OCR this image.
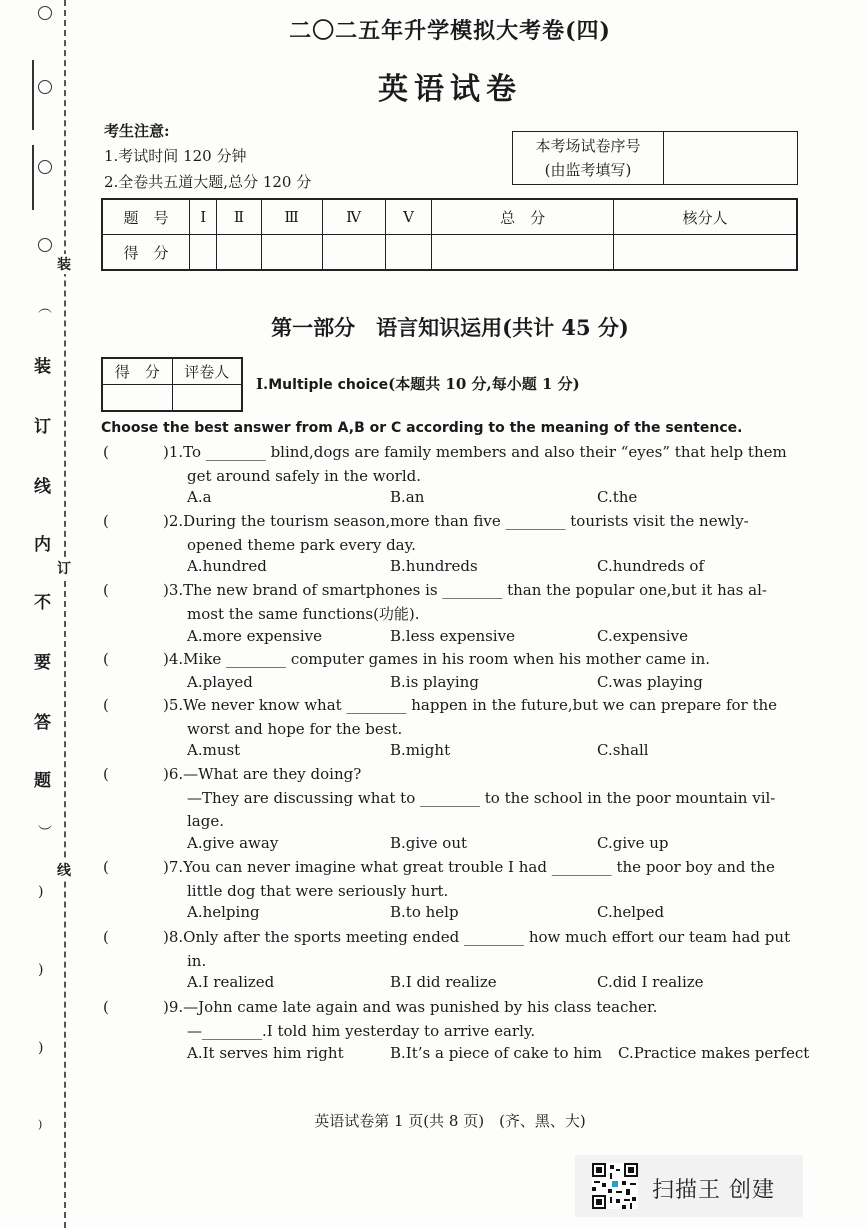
︵
装
订
线
内
不
要
答
题
︶
装
订
线
)
)
)
)
二〇二五年升学模拟大考卷(四)
英语试卷
考生注意:
1.考试时间 120 分钟
2.全卷共五道大题,总分 120 分
本考场试卷序号
(由监考填写)

题　号	Ⅰ	Ⅱ	Ⅲ	Ⅳ	Ⅴ	总　分	核分人
得　分							
第一部分　语言知识运用(共计 45 分)
得　分	评卷人

Ⅰ.Multiple choice(本题共 10 分,每小题 1 分)
Choose the best answer from A,B or C according to the meaning of the sentence.
(	)1.To ________ blind,dogs are family members and also their “eyes” that help them
get around safely in the world.
A.a	B.an	C.the
(	)2.During the tourism season,more than five ________ tourists visit the newly-
opened theme park every day.
A.hundred	B.hundreds	C.hundreds of
(	)3.The new brand of smartphones is ________ than the popular one,but it has al-
most the same functions(功能).
A.more expensive	B.less expensive	C.expensive
(	)4.Mike ________ computer games in his room when his mother came in.
A.played	B.is playing	C.was playing
(	)5.We never know what ________ happen in the future,but we can prepare for the
worst and hope for the best.
A.must	B.might	C.shall
(	)6.—What are they doing?
—They are discussing what to ________ to the school in the poor mountain vil-
lage.
A.give away	B.give out	C.give up
(	)7.You can never imagine what great trouble I had ________ the poor boy and the
little dog that were seriously hurt.
A.helping	B.to help	C.helped
(	)8.Only after the sports meeting ended ________ how much effort our team had put
in.
A.I realized	B.I did realize	C.did I realize
(	)9.—John came late again and was punished by his class teacher.
—________.I told him yesterday to arrive early.
A.It serves him right	B.It’s a piece of cake to him C.Practice makes perfect
英语试卷第 1 页(共 8 页)　(齐、黑、大)
扫描王 创建
